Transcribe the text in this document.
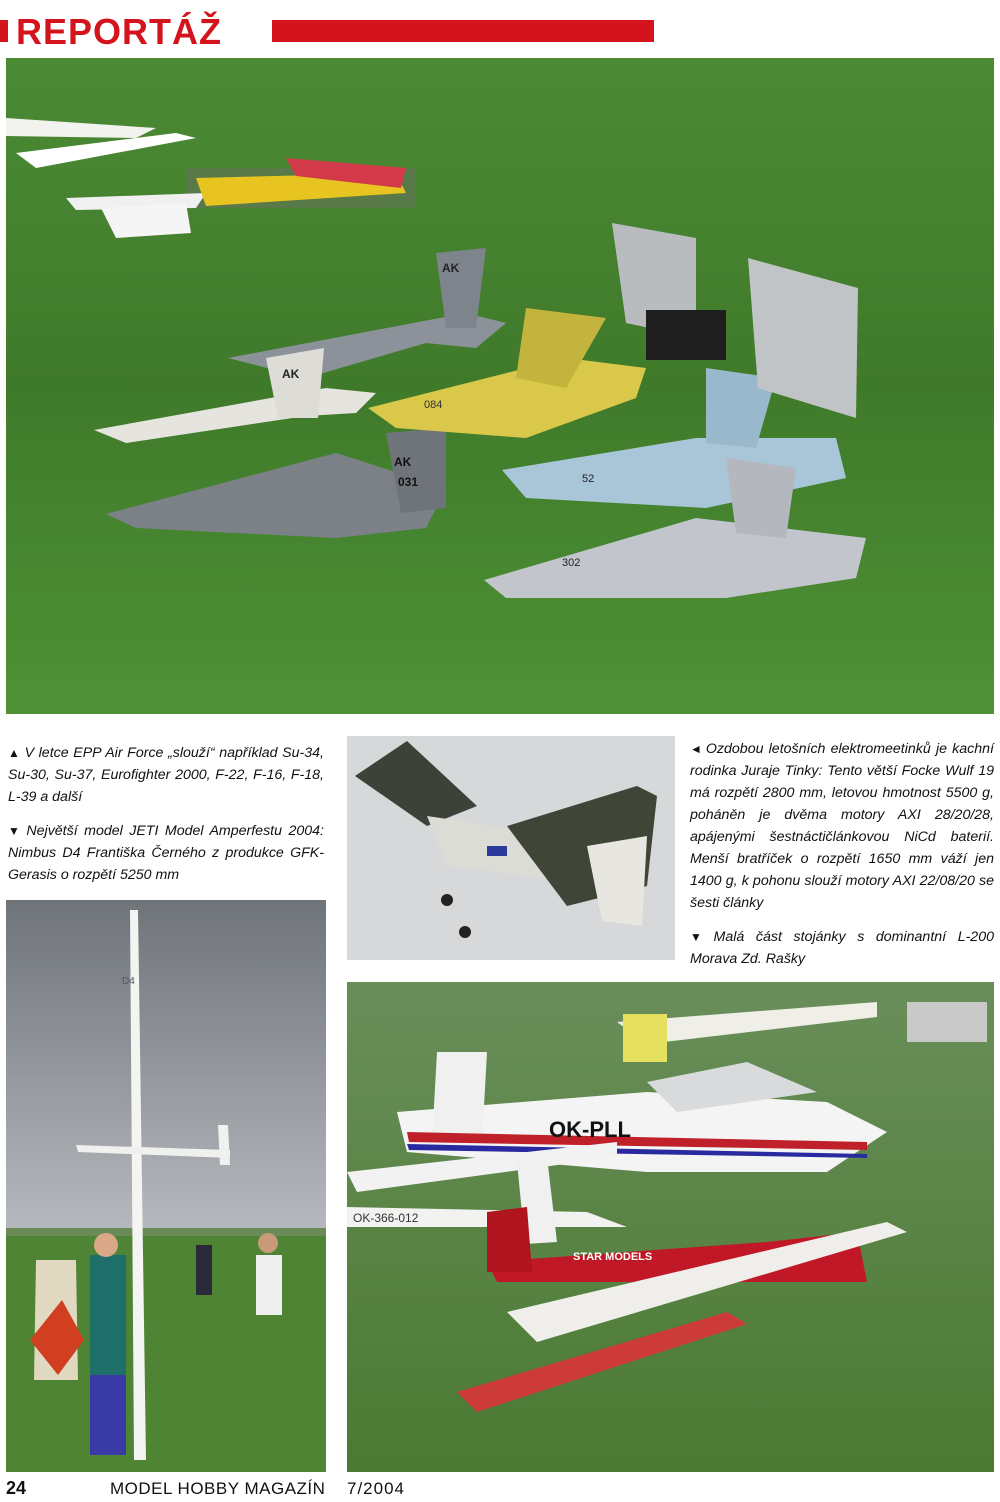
REPORTÁŽ
AK
AK
AK
031
084
52
302

▲ V letce EPP Air Force „slouží“ například Su-34, Su-30, Su-37, Eurofighter 2000, F-22, F-16, F-18, L-39 a další

▼ Největší model JETI Model Amperfestu 2004: Nimbus D4 Františka Černého z produkce GFK-Gerasis o rozpětí 5250 mm

D4

◄ Ozdobou letošních elektromeetinků je kachní rodinka Juraje Tinky: Tento větší Focke Wulf 19 má rozpětí 2800 mm, letovou hmotnost 5500 g, poháněn je dvěma motory AXI 28/20/28, apájenými šestnáctičlánkovou NiCd baterií. Menší bratříček o rozpětí 1650 mm váží jen 1400 g, k pohonu slouží motory AXI 22/08/20 se šesti články

▼ Malá část stojánky s dominantní L-200 Morava Zd. Rašky

OK-PLL
OK-366-012
STAR MODELS
24	MODEL HOBBY MAGAZÍN 7/2004
